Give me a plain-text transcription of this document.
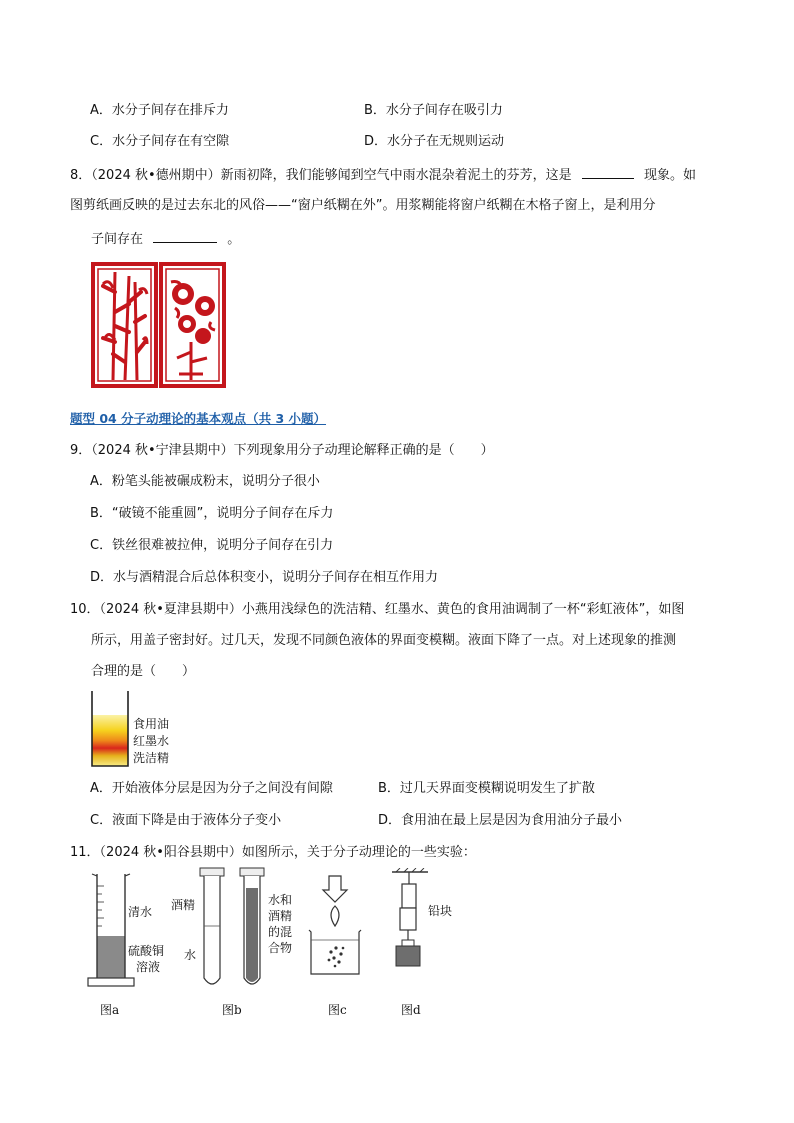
A．水分子间存在排斥力	B．水分子间存在吸引力
C．水分子间存在有空隙	D．水分子在无规则运动
8．（2024 秋•德州期中）新雨初降，我们能够闻到空气中雨水混杂着泥土的芬芳，这是	现象。如
图剪纸画反映的是过去东北的风俗——“窗户纸糊在外”。用浆糊能将窗户纸糊在木格子窗上，是利用分
子间存在	。
题型 04 分子动理论的基本观点（共 3 小题）
9．（2024 秋•宁津县期中）下列现象用分子动理论解释正确的是（　　）
A．粉笔头能被碾成粉末，说明分子很小
B．“破镜不能重圆”，说明分子间存在斥力
C．铁丝很难被拉伸，说明分子间存在引力
D．水与酒精混合后总体积变小，说明分子间存在相互作用力
10．（2024 秋•夏津县期中）小燕用浅绿色的洗洁精、红墨水、黄色的食用油调制了一杯“彩虹液体”，如图
所示，用盖子密封好。过几天，发现不同颜色液体的界面变模糊。液面下降了一点。对上述现象的推测
合理的是（　　）
食用油
红墨水
洗洁精
A．开始液体分层是因为分子之间没有间隙	B．过几天界面变模糊说明发生了扩散
C．液面下降是由于液体分子变小	D．食用油在最上层是因为食用油分子最小
11．（2024 秋•阳谷县期中）如图所示，关于分子动理论的一些实验：
清水
硫酸铜
溶液
图a
酒精
水
水和
酒精
的混
合物
图b	图c
铅块
图d
